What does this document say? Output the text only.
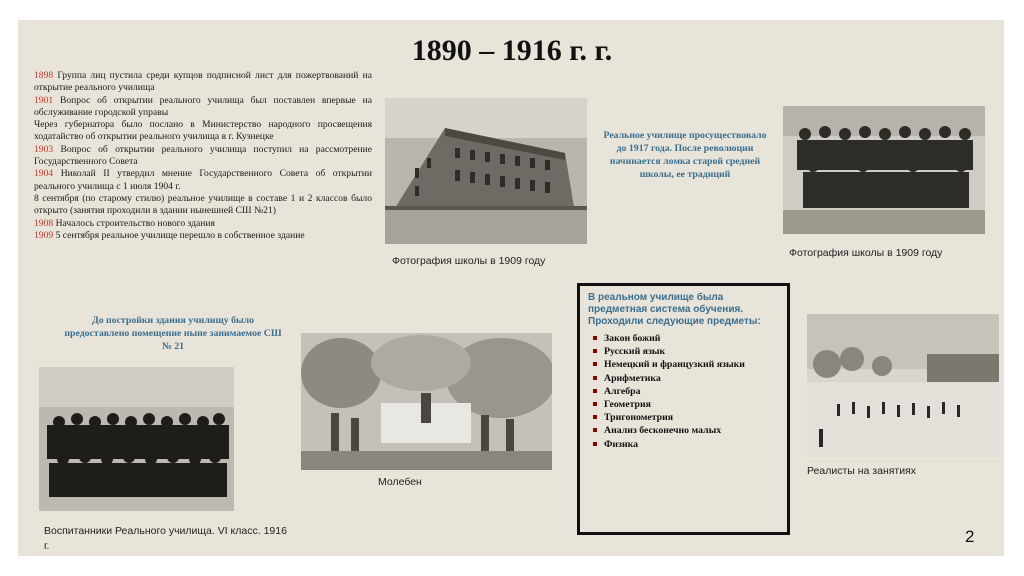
1890 – 1916 г. г.

1898 Группа лиц пустила среди купцов подписной лист для пожертвований на открытие реального училища

1901 Вопрос об открытии реального училища был поставлен впервые на обслуживание городской управы

Через губернатора было послано в Министерство народного просвещения ходатайство об открытии реального училища в г. Кузнецке

1903 Вопрос об открытии реального училища поступил на рассмотрение Государственного Совета

1904 Николай II утвердил мнение Государственного Совета об открытии реального училища с 1 июля 1904 г.

8 сентября (по старому стилю) реальное училище в составе 1 и 2 классов было открыто (занятия проходили в здании нынешней СШ №21)

1908 Началось строительство нового здания

1909 5 сентября реальное училище перешло в собственное здание

Фотография школы в 1909 году
Реальное училище просуществовало до 1917 года. После революции начинается ломка старой средней школы, ее традиций
Фотография школы в 1909 году
До постройки здания училищу было предоставлено помещение ныне занимаемое СШ № 21
Молебен
Воспитанники Реального училища. VI класс. 1916 г.
В реальном училище была предметная система обучения. Проходили следующие предметы:
Закон божий
Русский язык
Немецкий и французкий языки
Арифметика
Алгебра
Геометрия
Тригонометрия
Анализ бесконечно малых
Физика
Реалисты на занятиях
2
